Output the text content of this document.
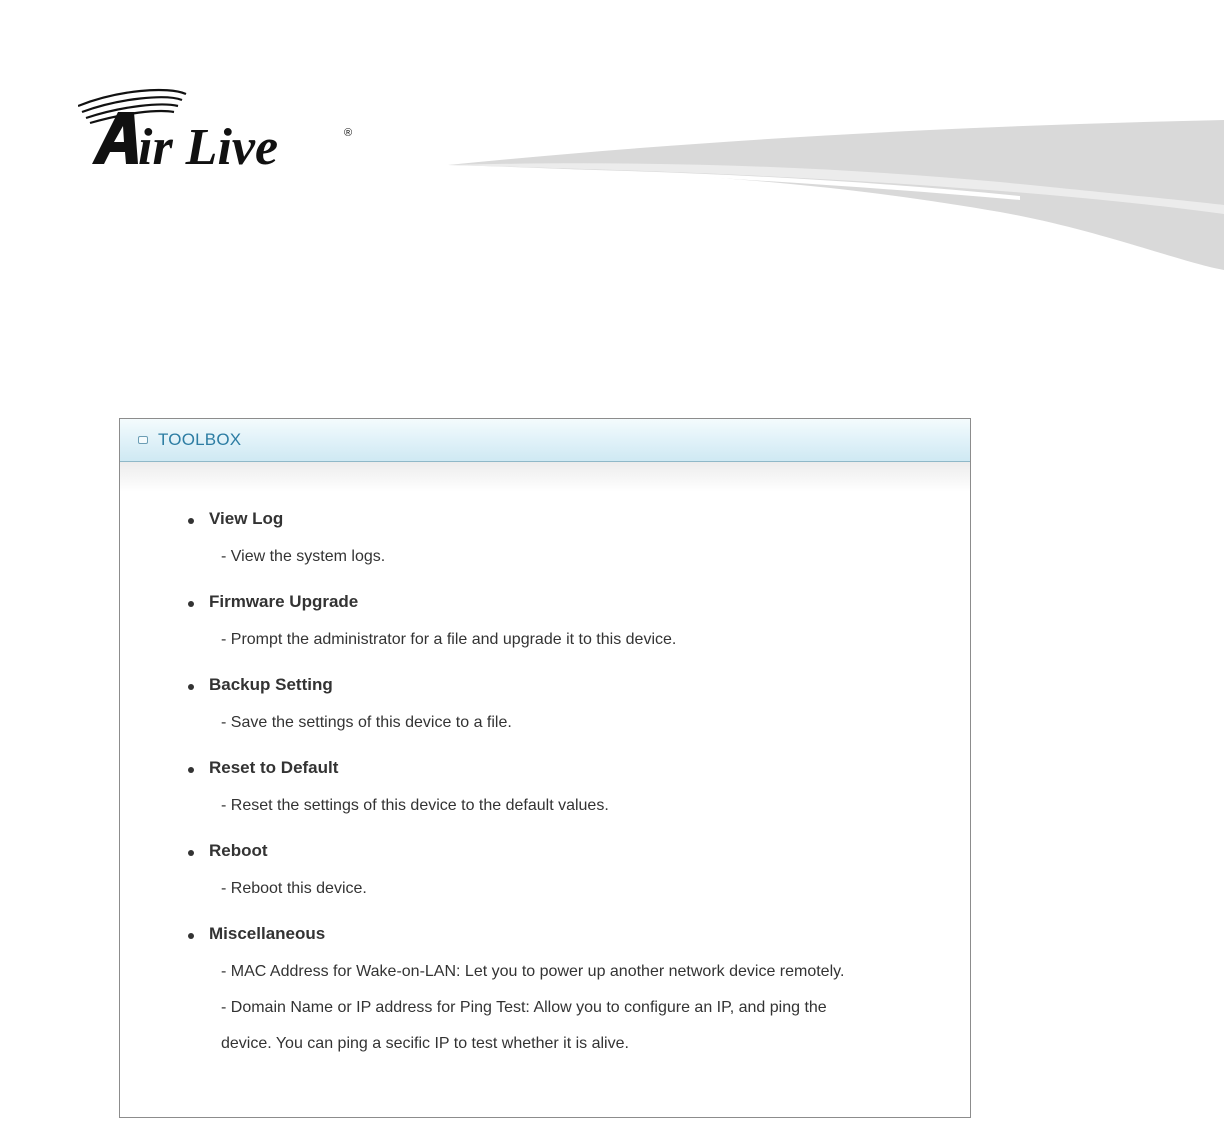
ir Live	®
TOOLBOX
View Log
- View the system logs.
Firmware Upgrade
- Prompt the administrator for a file and upgrade it to this device.
Backup Setting
- Save the settings of this device to a file.
Reset to Default
- Reset the settings of this device to the default values.
Reboot
- Reboot this device.
Miscellaneous
- MAC Address for Wake-on-LAN: Let you to power up another network device remotely.
- Domain Name or IP address for Ping Test: Allow you to configure an IP, and ping the
device. You can ping a secific IP to test whether it is alive.
